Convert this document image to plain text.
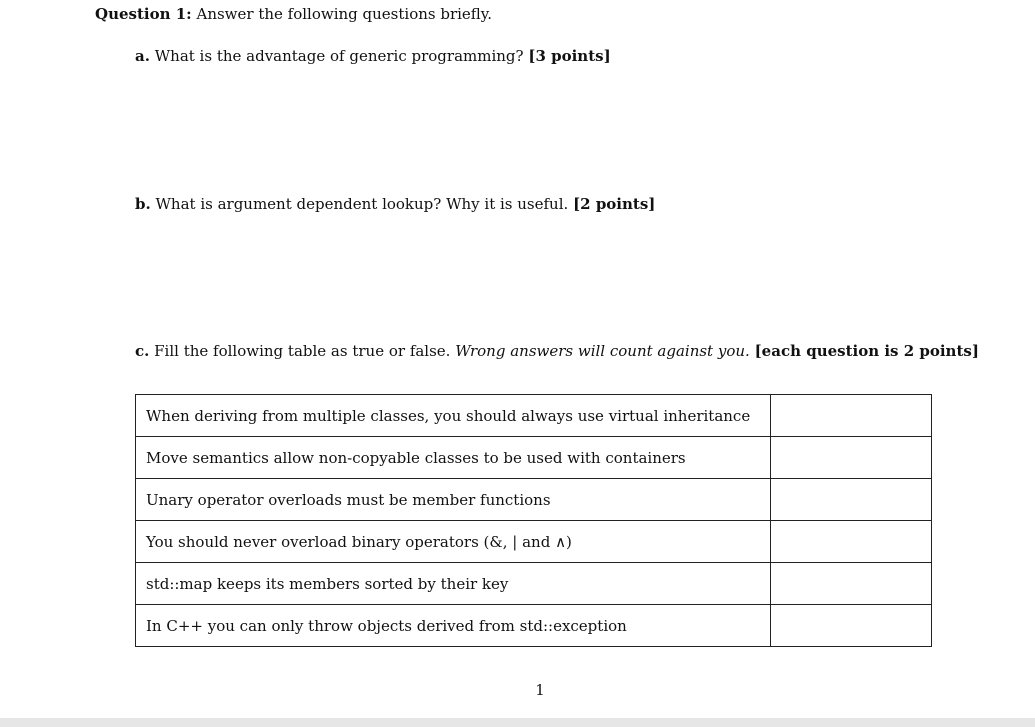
Question 1: Answer the following questions briefly.
a. What is the advantage of generic programming? [3 points]
b. What is argument dependent lookup? Why it is useful. [2 points]
c. Fill the following table as true or false. Wrong answers will count against you. [each question is 2 points]
When deriving from multiple classes, you should always use virtual inheritance	
Move semantics allow non-copyable classes to be used with containers	
Unary operator overloads must be member functions	
You should never overload binary operators (&, | and ∧)	
std::map keeps its members sorted by their key	
In C++ you can only throw objects derived from std::exception	
1
